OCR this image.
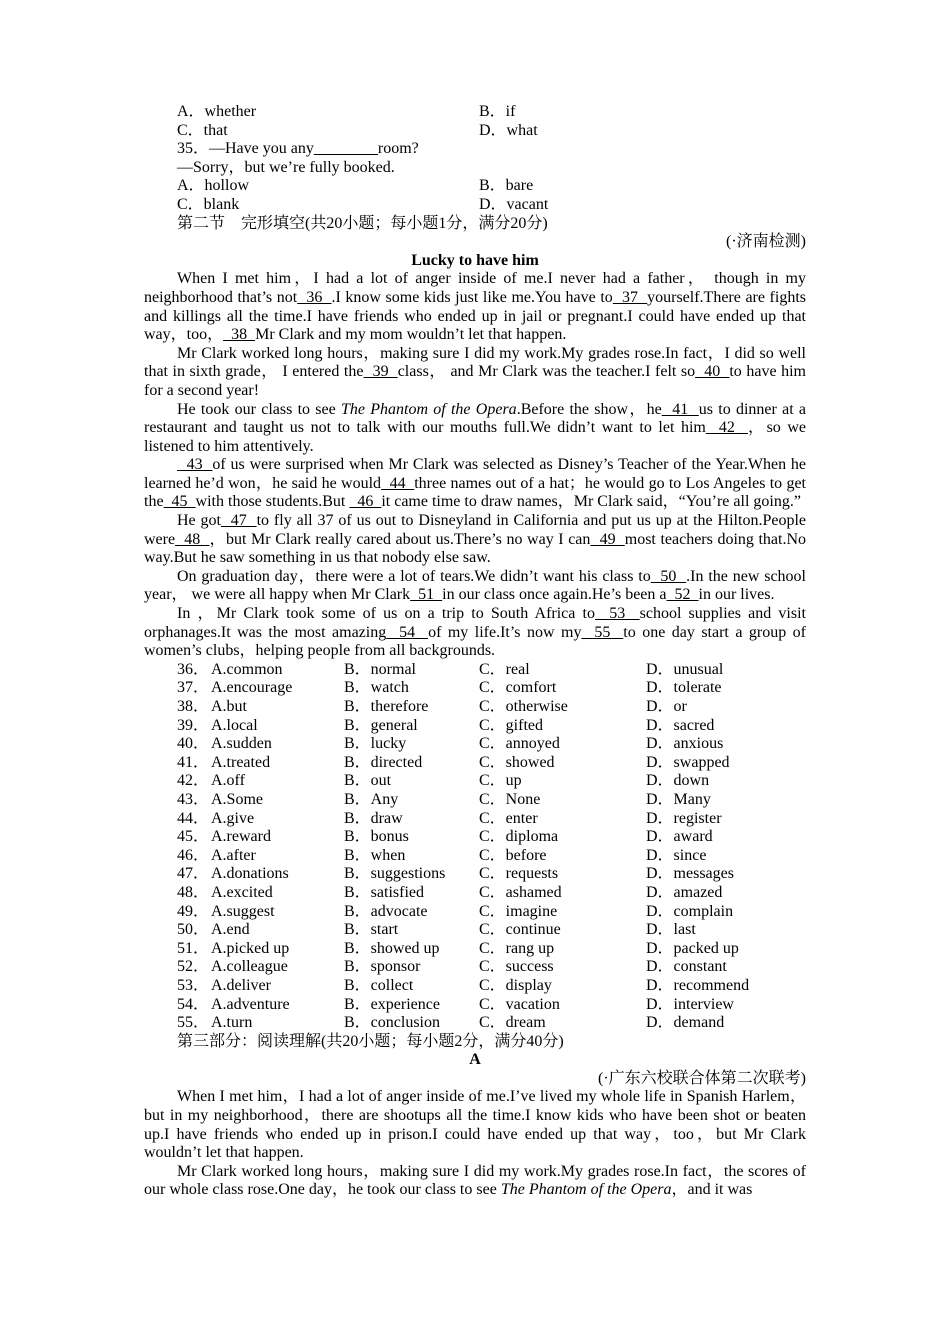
A．whether	B．if
C．that	D．what
35．—Have you any________room?
—Sorry，but we’re fully booked.
A．hollow	B．bare
C．blank	D．vacant
第二节　完形填空(共20小题；每小题1分，满分20分)
(·济南检测)
Lucky to have him

When I met him，I had a lot of anger inside of me.I never had a father， though in my neighborhood that’s not  36  .I know some kids just like me.You have to  37  yourself.There are fights and killings all the time.I have friends who ended up in jail or pregnant.I could have ended up that way，too，  38  Mr Clark and my mom wouldn’t let that happen.

Mr Clark worked long hours，making sure I did my work.My grades rose.In fact，I did so well that in sixth grade， I entered the  39  class， and Mr Clark was the teacher.I felt so  40  to have him for a second year!

He took our class to see The Phantom of the Opera.Before the show，he  41  us to dinner at a restaurant and taught us not to talk with our mouths full.We didn’t want to let him  42  ，so we listened to him attentively.

43  of us were surprised when Mr Clark was selected as Disney’s Teacher of the Year.When he learned he’d won，he said he would  44  three names out of a hat；he would go to Los Angeles to get the  45  with those students.But   46  it came time to draw names，Mr Clark said，“You’re all going.”

He got  47  to fly all 37 of us out to Disneyland in California and put us up at the Hilton.People were  48  ，but Mr Clark really cared about us.There’s no way I can  49  most teachers doing that.No way.But he saw something in us that nobody else saw.

On graduation day，there were a lot of tears.We didn’t want his class to  50  .In the new school year， we were all happy when Mr Clark  51  in our class once again.He’s been a  52  in our lives.

In ，Mr Clark took some of us on a trip to South Africa to  53  school supplies and visit orphanages.It was the most amazing  54  of my life.It’s now my  55  to one day start a group of women’s clubs，helping people from all backgrounds.

36． A.common	B．normal	C．real	D．unusual
37． A.encourage	B．watch	C．comfort	D．tolerate
38． A.but	B．therefore	C．otherwise	D．or
39． A.local	B．general	C．gifted	D．sacred
40． A.sudden	B．lucky	C．annoyed	D．anxious
41． A.treated	B．directed	C．showed	D．swapped
42． A.off	B．out	C．up	D．down
43． A.Some	B．Any	C．None	D．Many
44． A.give	B．draw	C．enter	D．register
45． A.reward	B．bonus	C．diploma	D．award
46． A.after	B．when	C．before	D．since
47． A.donations	B．suggestions C．requests	D．messages
48． A.excited	B．satisfied	C．ashamed	D．amazed
49． A.suggest	B．advocate	C．imagine	D．complain
50． A.end	B．start	C．continue	D．last
51． A.picked up	B．showed up C．rang up	D．packed up
52． A.colleague	B．sponsor	C．success	D．constant
53． A.deliver	B．collect	C．display	D．recommend
54． A.adventure	B．experience C．vacation	D．interview
55． A.turn	B．conclusion C．dream	D．demand
第三部分：阅读理解(共20小题；每小题2分，满分40分)
A
(·广东六校联合体第二次联考)

When I met him，I had a lot of anger inside of me.I’ve lived my whole life in Spanish Harlem，but in my neighborhood，there are shootups all the time.I know kids who have been shot or beaten up.I have friends who ended up in prison.I could have ended up that way，too，but Mr Clark wouldn’t let that happen.

Mr Clark worked long hours，making sure I did my work.My grades rose.In fact，the scores of our whole class rose.One day，he took our class to see The Phantom of the Opera，and it was
